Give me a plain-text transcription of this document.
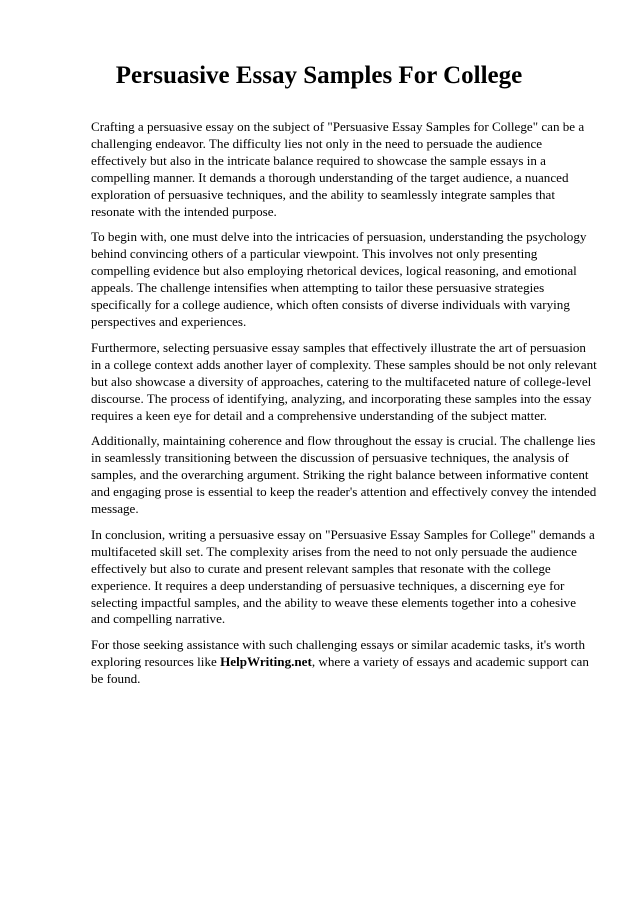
Persuasive Essay Samples For College

Crafting a persuasive essay on the subject of "Persuasive Essay Samples for College" can be a challenging endeavor. The difficulty lies not only in the need to persuade the audience effectively but also in the intricate balance required to showcase the sample essays in a compelling manner. It demands a thorough understanding of the target audience, a nuanced exploration of persuasive techniques, and the ability to seamlessly integrate samples that resonate with the intended purpose.

To begin with, one must delve into the intricacies of persuasion, understanding the psychology behind convincing others of a particular viewpoint. This involves not only presenting compelling evidence but also employing rhetorical devices, logical reasoning, and emotional appeals. The challenge intensifies when attempting to tailor these persuasive strategies specifically for a college audience, which often consists of diverse individuals with varying perspectives and experiences.

Furthermore, selecting persuasive essay samples that effectively illustrate the art of persuasion in a college context adds another layer of complexity. These samples should be not only relevant but also showcase a diversity of approaches, catering to the multifaceted nature of college-level discourse. The process of identifying, analyzing, and incorporating these samples into the essay requires a keen eye for detail and a comprehensive understanding of the subject matter.

Additionally, maintaining coherence and flow throughout the essay is crucial. The challenge lies in seamlessly transitioning between the discussion of persuasive techniques, the analysis of samples, and the overarching argument. Striking the right balance between informative content and engaging prose is essential to keep the reader's attention and effectively convey the intended message.

In conclusion, writing a persuasive essay on "Persuasive Essay Samples for College" demands a multifaceted skill set. The complexity arises from the need to not only persuade the audience effectively but also to curate and present relevant samples that resonate with the college experience. It requires a deep understanding of persuasive techniques, a discerning eye for selecting impactful samples, and the ability to weave these elements together into a cohesive and compelling narrative.

For those seeking assistance with such challenging essays or similar academic tasks, it's worth exploring resources like HelpWriting.net, where a variety of essays and academic support can be found.
